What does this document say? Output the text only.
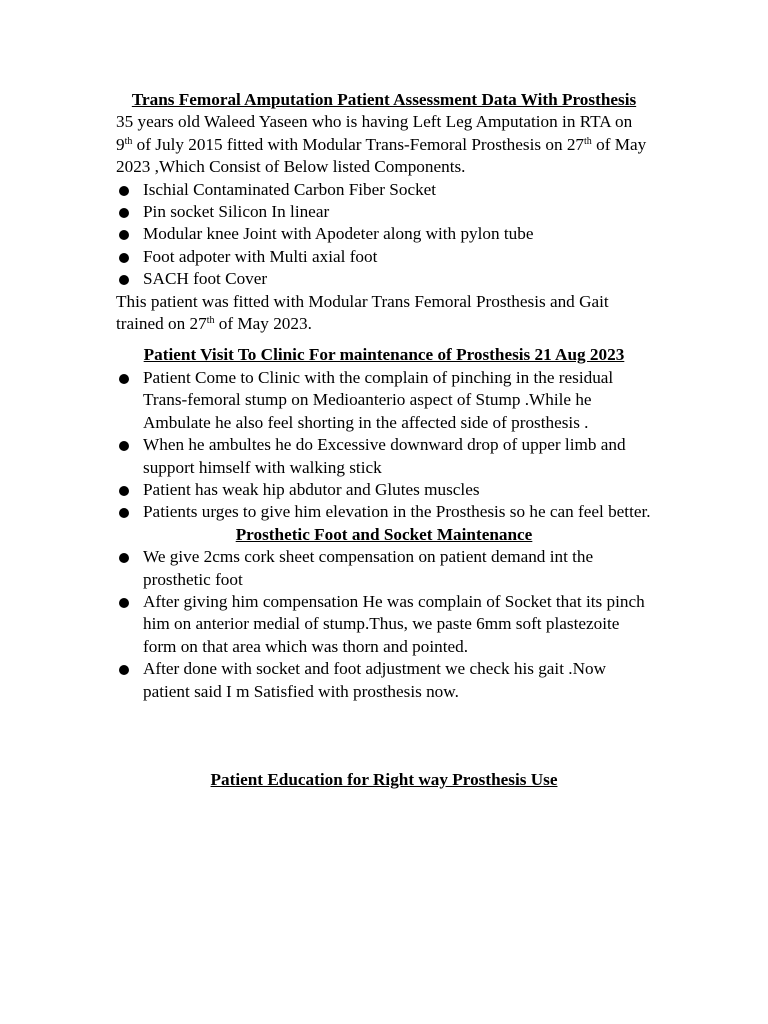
Trans Femoral Amputation Patient Assessment Data With Prosthesis

35 years old Waleed Yaseen who is having Left Leg Amputation in RTA on 9th of July 2015 fitted with Modular Trans-Femoral Prosthesis on 27th of May 2023 ,Which Consist of Below listed Components.

Ischial Contaminated Carbon Fiber Socket
Pin socket Silicon In linear
Modular knee Joint with Apodeter along with pylon tube
Foot adpoter with Multi axial foot
SACH foot Cover

This patient was fitted with Modular Trans Femoral Prosthesis and Gait trained on 27th of May 2023.

Patient Visit To Clinic For maintenance of Prosthesis 21 Aug 2023

Patient Come to Clinic with the complain of pinching in the residual Trans-femoral stump on Medioanterio aspect of Stump .While he Ambulate he also feel shorting in the affected side of prosthesis .
When he ambultes he do Excessive downward drop of upper limb and support himself with walking stick
Patient has weak hip abdutor and Glutes muscles
Patients urges to give him elevation in the Prosthesis so he can feel better.

Prosthetic Foot and Socket Maintenance

We give 2cms cork sheet compensation on patient demand int the prosthetic foot
After giving him compensation He was complain of Socket that its pinch him on anterior medial of stump.Thus, we paste 6mm soft plastezoite form on that area which was thorn and pointed.
After done with socket and foot adjustment we check his gait .Now patient said I m Satisfied with prosthesis now.

Patient Education for Right way Prosthesis Use
